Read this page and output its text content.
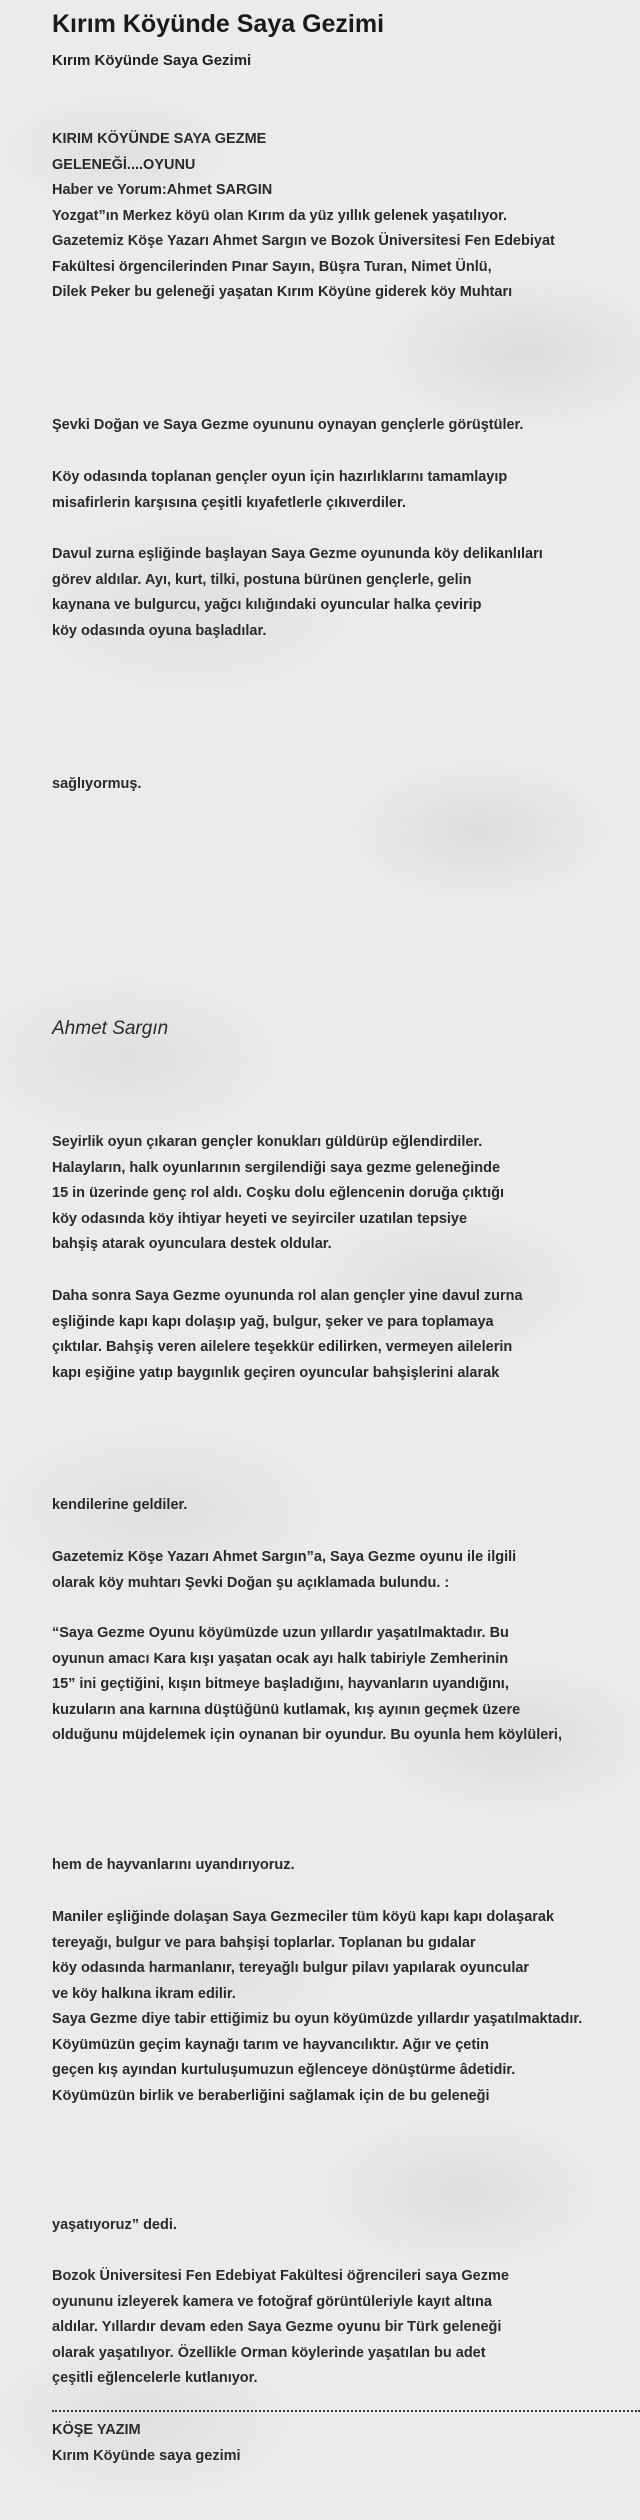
Kırım Köyünde Saya Gezimi
Kırım Köyünde Saya Gezimi
KIRIM KÖYÜNDE SAYA GEZME
GELENEĞİ....OYUNU
Haber ve Yorum:Ahmet SARGIN
Yozgat”ın Merkez köyü olan Kırım da yüz yıllık gelenek yaşatılıyor.
Gazetemiz Köşe Yazarı Ahmet Sargın ve Bozok Üniversitesi Fen Edebiyat
Fakültesi örgencilerinden Pınar Sayın, Büşra Turan, Nimet Ünlü,
Dilek Peker bu geleneği yaşatan Kırım Köyüne giderek köy Muhtarı
Şevki Doğan ve Saya Gezme oyununu oynayan gençlerle görüştüler.
Köy odasında toplanan gençler oyun için hazırlıklarını tamamlayıp
misafirlerin karşısına çeşitli kıyafetlerle çıkıverdiler.
Davul zurna eşliğinde başlayan Saya Gezme oyununda köy delikanlıları
görev aldılar. Ayı, kurt, tilki, postuna bürünen gençlerle, gelin
kaynana ve bulgurcu, yağcı kılığındaki oyuncular halka çevirip
köy odasında oyuna başladılar.
sağlıyormuş.
Ahmet Sargın
Seyirlik oyun çıkaran gençler konukları güldürüp eğlendirdiler.
Halayların, halk oyunlarının sergilendiği saya gezme geleneğinde
15 in üzerinde genç rol aldı. Coşku dolu eğlencenin doruğa çıktığı
köy odasında köy ihtiyar heyeti ve seyirciler uzatılan tepsiye
bahşiş atarak oyunculara destek oldular.
Daha sonra Saya Gezme oyununda rol alan gençler yine davul zurna
eşliğinde kapı kapı dolaşıp yağ, bulgur, şeker ve para toplamaya
çıktılar. Bahşiş veren ailelere teşekkür edilirken, vermeyen ailelerin
kapı eşiğine yatıp baygınlık geçiren oyuncular bahşişlerini alarak
kendilerine geldiler.
Gazetemiz Köşe Yazarı Ahmet Sargın”a, Saya Gezme oyunu ile ilgili
olarak köy muhtarı Şevki Doğan şu açıklamada bulundu. :
“Saya Gezme Oyunu köyümüzde uzun yıllardır yaşatılmaktadır. Bu
oyunun amacı Kara kışı yaşatan ocak ayı halk tabiriyle Zemherinin
15” ini geçtiğini, kışın bitmeye başladığını, hayvanların uyandığını,
kuzuların ana karnına düştüğünü kutlamak, kış ayının geçmek üzere
olduğunu müjdelemek için oynanan bir oyundur. Bu oyunla hem köylüleri,
hem de hayvanlarını uyandırıyoruz.
Maniler eşliğinde dolaşan Saya Gezmeciler tüm köyü kapı kapı dolaşarak
tereyağı, bulgur ve para bahşişi toplarlar. Toplanan bu gıdalar
köy odasında harmanlanır, tereyağlı bulgur pilavı yapılarak oyuncular
ve köy halkına ikram edilir.
Saya Gezme diye tabir ettiğimiz bu oyun köyümüzde yıllardır yaşatılmaktadır.
Köyümüzün geçim kaynağı tarım ve hayvancılıktır. Ağır ve çetin
geçen kış ayından kurtuluşumuzun eğlenceye dönüştürme âdetidir.
Köyümüzün birlik ve beraberliğini sağlamak için de bu geleneği
yaşatıyoruz” dedi.
Bozok Üniversitesi Fen Edebiyat Fakültesi öğrencileri saya Gezme
oyununu izleyerek kamera ve fotoğraf görüntüleriyle kayıt altına
aldılar. Yıllardır devam eden Saya Gezme oyunu bir Türk geleneği
olarak yaşatılıyor. Özellikle Orman köylerinde yaşatılan bu adet
çeşitli eğlencelerle kutlanıyor.
KÖŞE YAZIM
Kırım Köyünde saya gezimi
